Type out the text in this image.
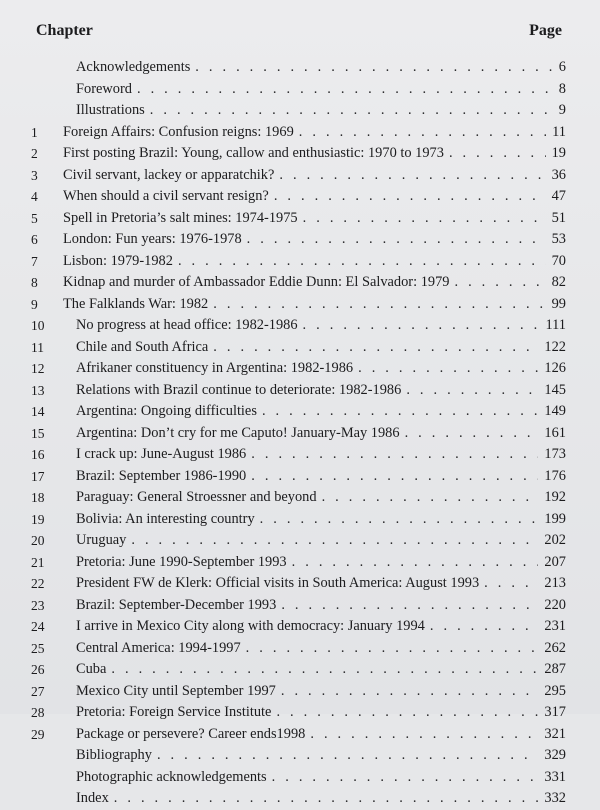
Chapter	Page
Acknowledgements . . .	6
Foreword . . .	8
Illustrations . . .	9
1	Foreign Affairs: Confusion reigns: 1969 . . .	11
2	First posting Brazil: Young, callow and enthusiastic: 1970 to 1973 . . .	19
3	Civil servant, lackey or apparatchik? . . .	36
4	When should a civil servant resign? . . .	47
5	Spell in Pretoria’s salt mines: 1974-1975 . . .	51
6	London: Fun years: 1976-1978 . . .	53
7	Lisbon: 1979-1982 . . .	70
8	Kidnap and murder of Ambassador Eddie Dunn: El Salvador: 1979 . . .	82
9	The Falklands War: 1982 . . .	99
10	No progress at head office: 1982-1986 . . .	111
11	Chile and South Africa . . .	122
12	Afrikaner constituency in Argentina: 1982-1986 . . .	126
13	Relations with Brazil continue to deteriorate: 1982-1986 . . .	145
14	Argentina: Ongoing difficulties . . .	149
15	Argentina: Don’t cry for me Caputo! January-May 1986 . . .	161
16	I crack up: June-August 1986 . . .	173
17	Brazil: September 1986-1990 . . .	176
18	Paraguay: General Stroessner and beyond . . .	192
19	Bolivia: An interesting country . . .	199
20	Uruguay . . .	202
21	Pretoria: June 1990-September 1993 . . .	207
22	President FW de Klerk: Official visits in South America: August 1993 . . .	213
23	Brazil: September-December 1993 . . .	220
24	I arrive in Mexico City along with democracy: January 1994 . . .	231
25	Central America: 1994-1997 . . .	262
26	Cuba . . .	287
27	Mexico City until September 1997 . . .	295
28	Pretoria: Foreign Service Institute . . .	317
29	Package or persevere? Career ends1998 . . .	321
Bibliography . . .	329
Photographic acknowledgements . . .	331
Index . . .	332
